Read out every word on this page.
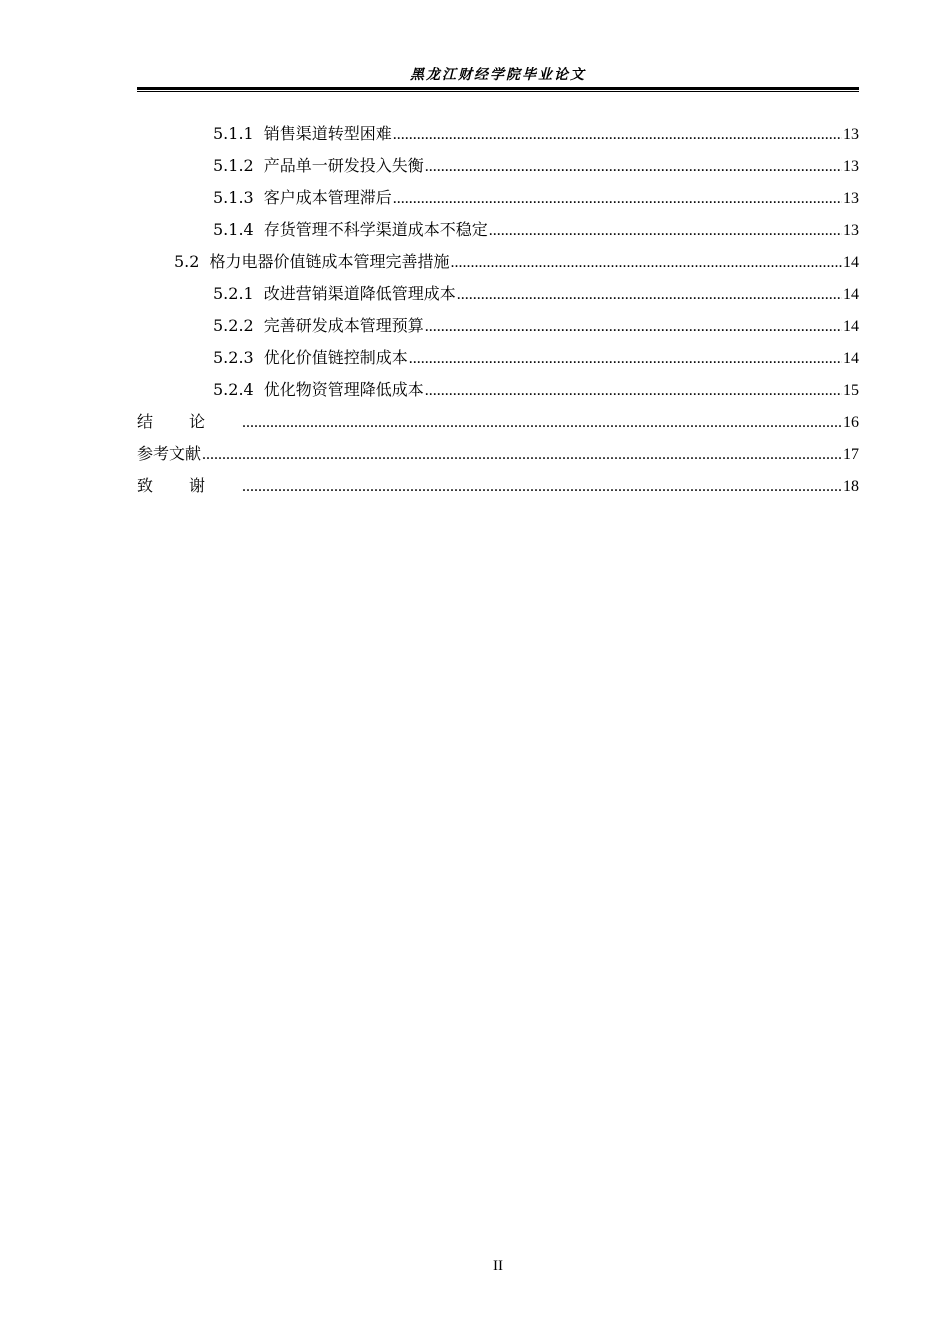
黑龙江财经学院毕业论文
5.1.1 销售渠道转型困难 .....	13
5.1.2 产品单一研发投入失衡 .....	13
5.1.3 客户成本管理滞后 .....	13
5.1.4 存货管理不科学渠道成本不稳定 .....	13
5.2 格力电器价值链成本管理完善措施 .....	14
5.2.1 改进营销渠道降低管理成本 .....	14
5.2.2 完善研发成本管理预算 .....	14
5.2.3 优化价值链控制成本 .....	14
5.2.4 优化物资管理降低成本 .....	15
结论 .....	16
参考文献 .....	17
致谢 .....	18
II
